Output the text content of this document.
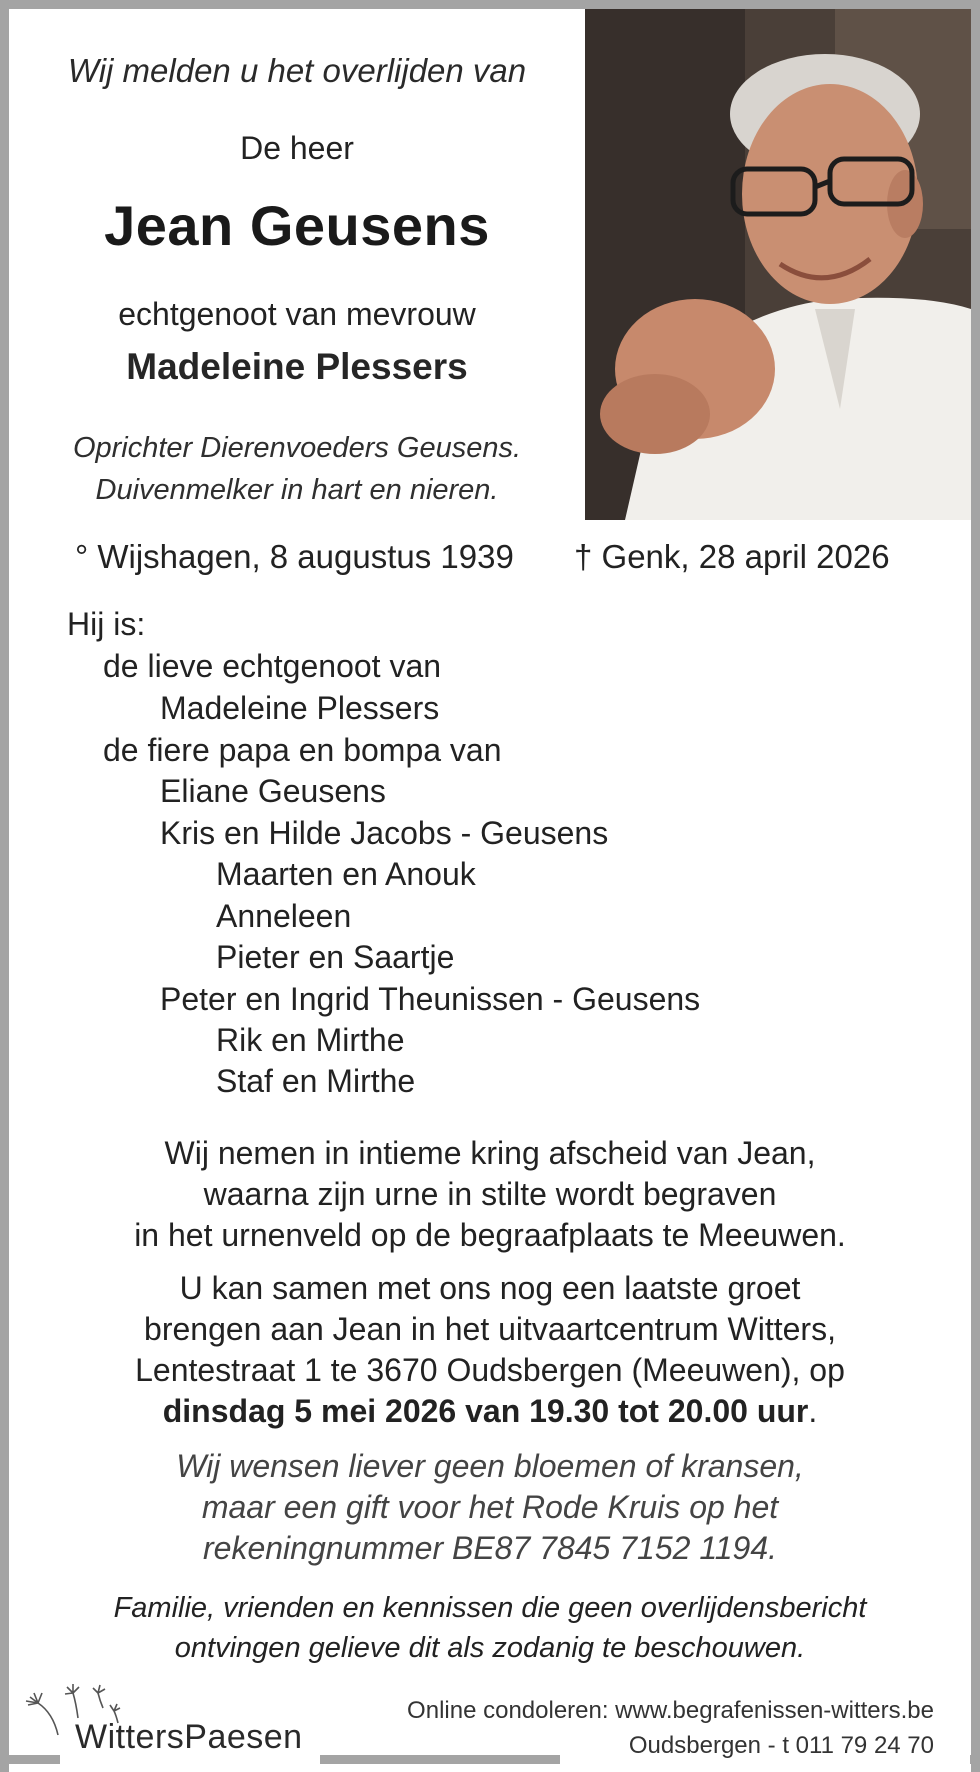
Wij melden u het overlijden van
De heer
Jean Geusens
echtgenoot van mevrouw
Madeleine Plessers
Oprichter Dierenvoeders Geusens.
Duivenmelker in hart en nieren.
° Wijshagen, 8 augustus 1939 † Genk, 28 april 2026
Hij is:
de lieve echtgenoot van
Madeleine Plessers
de fiere papa en bompa van
Eliane Geusens
Kris en Hilde Jacobs - Geusens
Maarten en Anouk
Anneleen
Pieter en Saartje
Peter en Ingrid Theunissen - Geusens
Rik en Mirthe
Staf en Mirthe
Wij nemen in intieme kring afscheid van Jean,
waarna zijn urne in stilte wordt begraven
in het urnenveld op de begraafplaats te Meeuwen.
U kan samen met ons nog een laatste groet
brengen aan Jean in het uitvaartcentrum Witters,
Lentestraat 1 te 3670 Oudsbergen (Meeuwen), op
dinsdag 5 mei 2026 van 19.30 tot 20.00 uur.
Wij wensen liever geen bloemen of kransen,
maar een gift voor het Rode Kruis op het
rekeningnummer BE87 7845 7152 1194.
Familie, vrienden en kennissen die geen overlijdensbericht
ontvingen gelieve dit als zodanig te beschouwen.
WittersPaesen
Online condoleren: www.begrafenissen-witters.be
Oudsbergen - t 011 79 24 70
